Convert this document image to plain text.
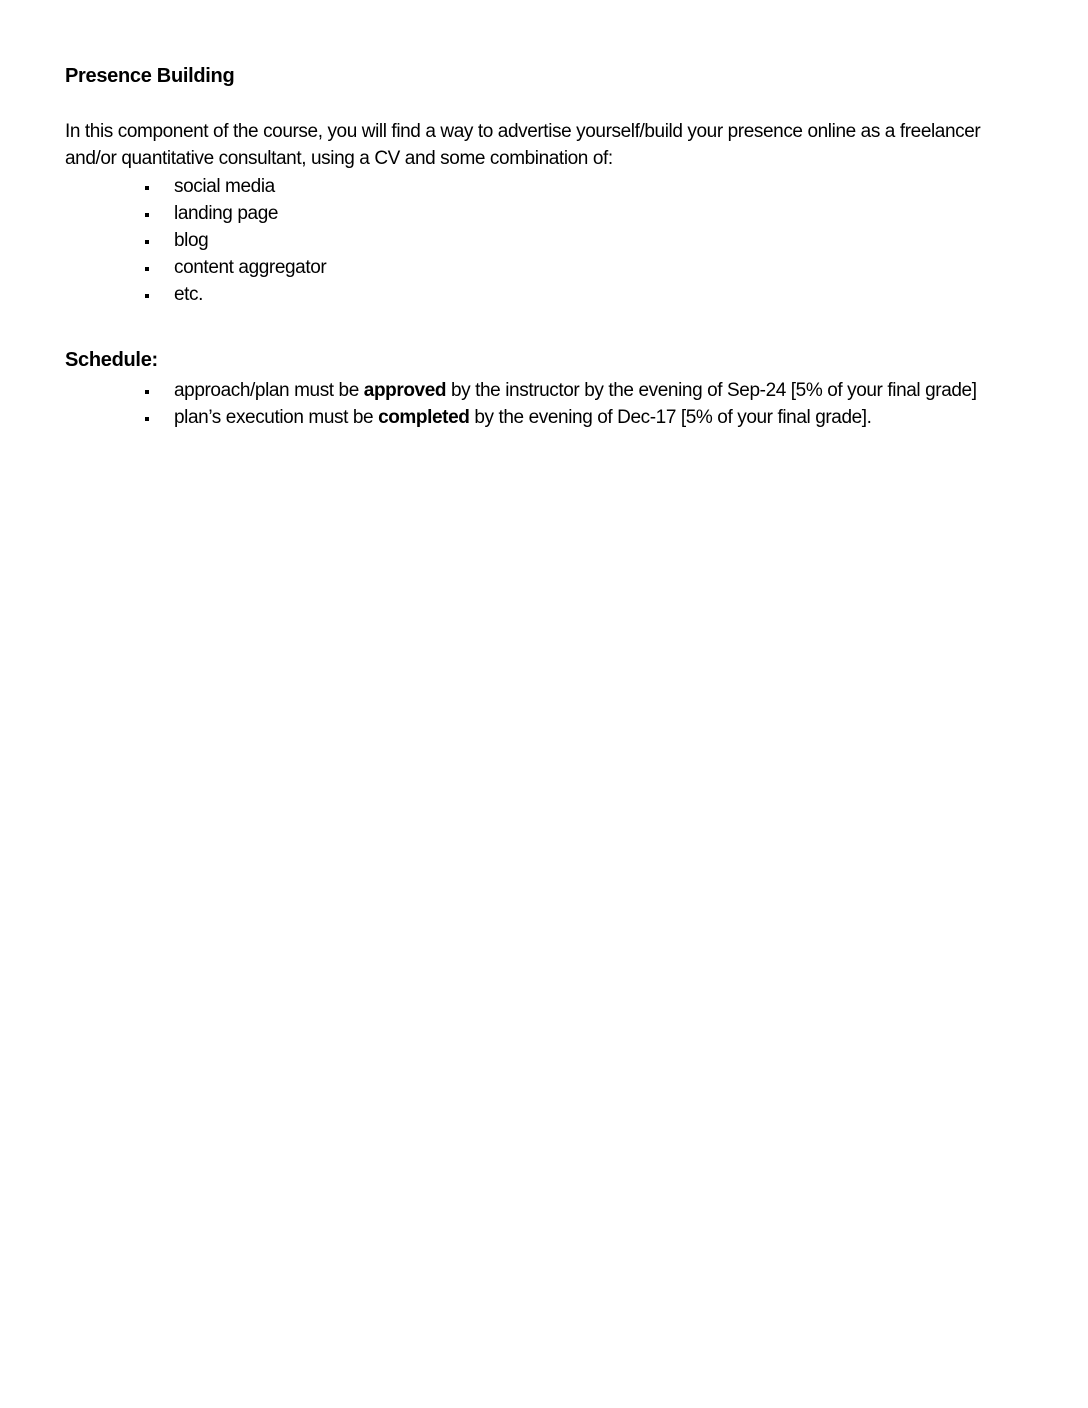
Presence Building
In this component of the course, you will find a way to advertise yourself/build your presence online as a freelancer
and/or quantitative consultant, using a CV and some combination of:
▪ social media
▪ landing page
▪ blog
▪ content aggregator
▪ etc.
Schedule:
▪ approach/plan must be approved by the instructor by the evening of Sep-24 [5% of your final grade]
▪ plan’s execution must be completed by the evening of Dec-17 [5% of your final grade].
